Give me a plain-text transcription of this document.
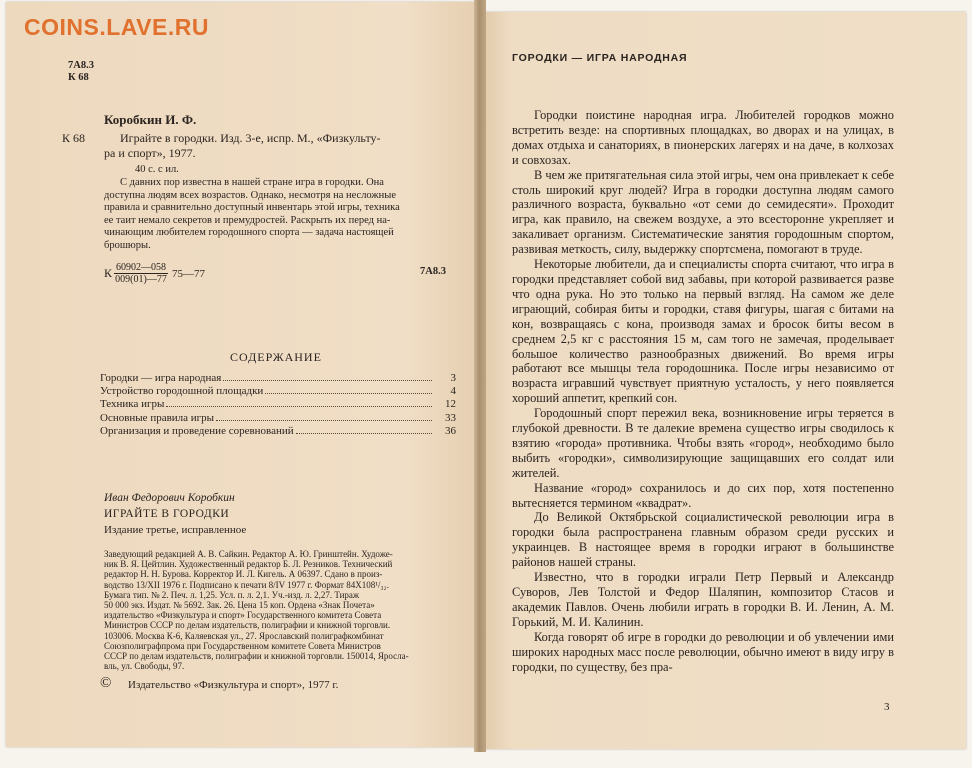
COINS.LAVE.RU
7А8.3
К 68
Коробкин И. Ф.
К 68	Играйте в городки. Изд. 3-е, испр. М., «Физкульту-
ра и спорт», 1977.
40 с. с ил.

С давних пор известна в нашей стране игра в городки. Она

доступна людям всех возрастов. Однако, несмотря на несложные

правила и сравнительно доступный инвентарь этой игры, техника

ее таит немало секретов и премудростей. Раскрыть их перед на-

чинающим любителем городошного спорта — задача настоящей

брошюры.

К $\frac{60902—058}{009(01)—77}$ 75—77	7А8.3
СОДЕРЖАНИЕ
Городки — игра народная	3
Устройство городошной площадки	4
Техника игры	12
Основные правила игры	33
Организация и проведение соревнований	36
Иван Федорович Коробкин
ИГРАЙТЕ В ГОРОДКИ
Издание третье, исправленное
Заведующий редакцией А. В. Сайкин. Редактор А. Ю. Гринштейн. Художе-
ник В. Я. Цейтлин. Художественный редактор Б. Л. Резников. Технический
редактор Н. Н. Бурова. Корректор И. Л. Кигель. А 06397. Сдано в произ-
водство 13/XII 1976 г. Подписано к печати 8/IV 1977 г. Формат 84Х108¹/₃₂.
Бумага тип. № 2. Печ. л. 1,25. Усл. п. л. 2,1. Уч.-изд. л. 2,27. Тираж
50 000 экз. Издат. № 5692. Зак. 26. Цена 15 коп. Ордена «Знак Почета»
издательство «Физкультура и спорт» Государственного комитета Совета
Министров СССР по делам издательств, полиграфии и книжной торговли.
103006. Москва К-6, Каляевская ул., 27. Ярославский полиграфкомбинат
Союзполиграфпрома при Государственном комитете Совета Министров
СССР по делам издательств, полиграфии и книжной торговли. 150014, Яросла-
вль, ул. Свободы, 97.
© Издательство «Физкультура и спорт», 1977 г.
ГОРОДКИ — ИГРА НАРОДНАЯ

Городки поистине народная игра. Любителей городков можно встретить везде: на спортивных площадках, во дворах и на улицах, в домах отдыха и санаториях, в пионерских лагерях и на даче, в колхозах и совхозах.

В чем же притягательная сила этой игры, чем она привлекает к себе столь широкий круг людей? Игра в городки доступна людям самого различного возраста, буквально «от семи до семидесяти». Проходит игра, как правило, на свежем воздухе, а это всесторонне укрепляет и закаливает организм. Систематические занятия городошным спортом, развивая меткость, силу, выдержку спортсмена, помогают в труде.

Некоторые любители, да и специалисты спорта считают, что игра в городки представляет собой вид забавы, при которой развивается разве что одна рука. Но это только на первый взгляд. На самом же деле играющий, собирая биты и городки, ставя фигуры, шагая с битами на кон, возвращаясь с кона, производя замах и бросок биты весом в среднем 2,5 кг с расстояния 15 м, сам того не замечая, проделывает большое количество разнообразных движений. Во время игры работают все мышцы тела городошника. После игры независимо от возраста игравший чувствует приятную усталость, у него появляется хороший аппетит, крепкий сон.

Городошный спорт пережил века, возникновение игры теряется в глубокой древности. В те далекие времена существо игры сводилось к взятию «города» противника. Чтобы взять «город», необходимо было выбить «городки», символизирующие защищавших его солдат или жителей.

Название «город» сохранилось и до сих пор, хотя постепенно вытесняется термином «квадрат».

До Великой Октябрьской социалистической революции игра в городки была распространена главным образом среди русских и украинцев. В настоящее время в городки играют в большинстве районов нашей страны.

Известно, что в городки играли Петр Первый и Александр Суворов, Лев Толстой и Федор Шаляпин, композитор Стасов и академик Павлов. Очень любили играть в городки В. И. Ленин, А. М. Горький, М. И. Калинин.

Когда говорят об игре в городки до революции и об увлечении ими широких народных масс после революции, обычно имеют в виду игру в городки, по существу, без пра-

3
